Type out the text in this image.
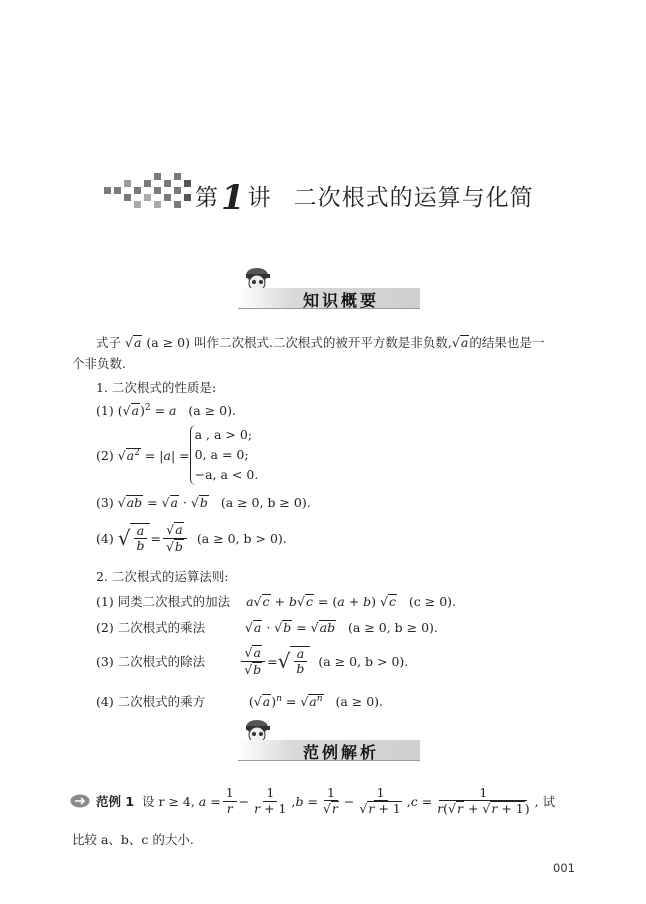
第1讲 二次根式的运算与化简
知识概要
式子 √a (a ≥ 0) 叫作二次根式.二次根式的被开平方数是非负数,√a的结果也是一
个非负数.
1. 二次根式的性质是:
(1) $(√a)^2 = a$ (a ≥ 0).
(2)
√ $a^2$ = | a | =
a , a > 0;
0, a = 0;
−a, a < 0.
(3) √ab = √a · √b (a ≥ 0, b ≥ 0).
(4)
√ $\frac{a}{b} = \frac{√a}{√b}$
(a ≥ 0, b > 0).
2. 二次根式的运算法则:
(1) 同类二次根式的加法 a√c + b√c = (a + b) √c (c ≥ 0).
(2) 二次根式的乘法	√a · √b = √ab (a ≥ 0, b ≥ 0).
(3) 二次根式的除法	$\frac{√a}{√b}$ = √ $\frac{a}{b}$
(a ≥ 0, b > 0).
(4) 二次根式的乘方           $(√a)^n = √a^n$ (a ≥ 0).
范例解析
范例 1
设 r ≥ 4,
$a = \frac{1}{r} - \frac{1}{r + 1}$ , $b = \frac{1}{√r} - \frac{1}{√r + 1}$ , $c = \frac{1}{r(√r + √r + 1)}$ , 试
比较 a、b、c 的大小.
001
